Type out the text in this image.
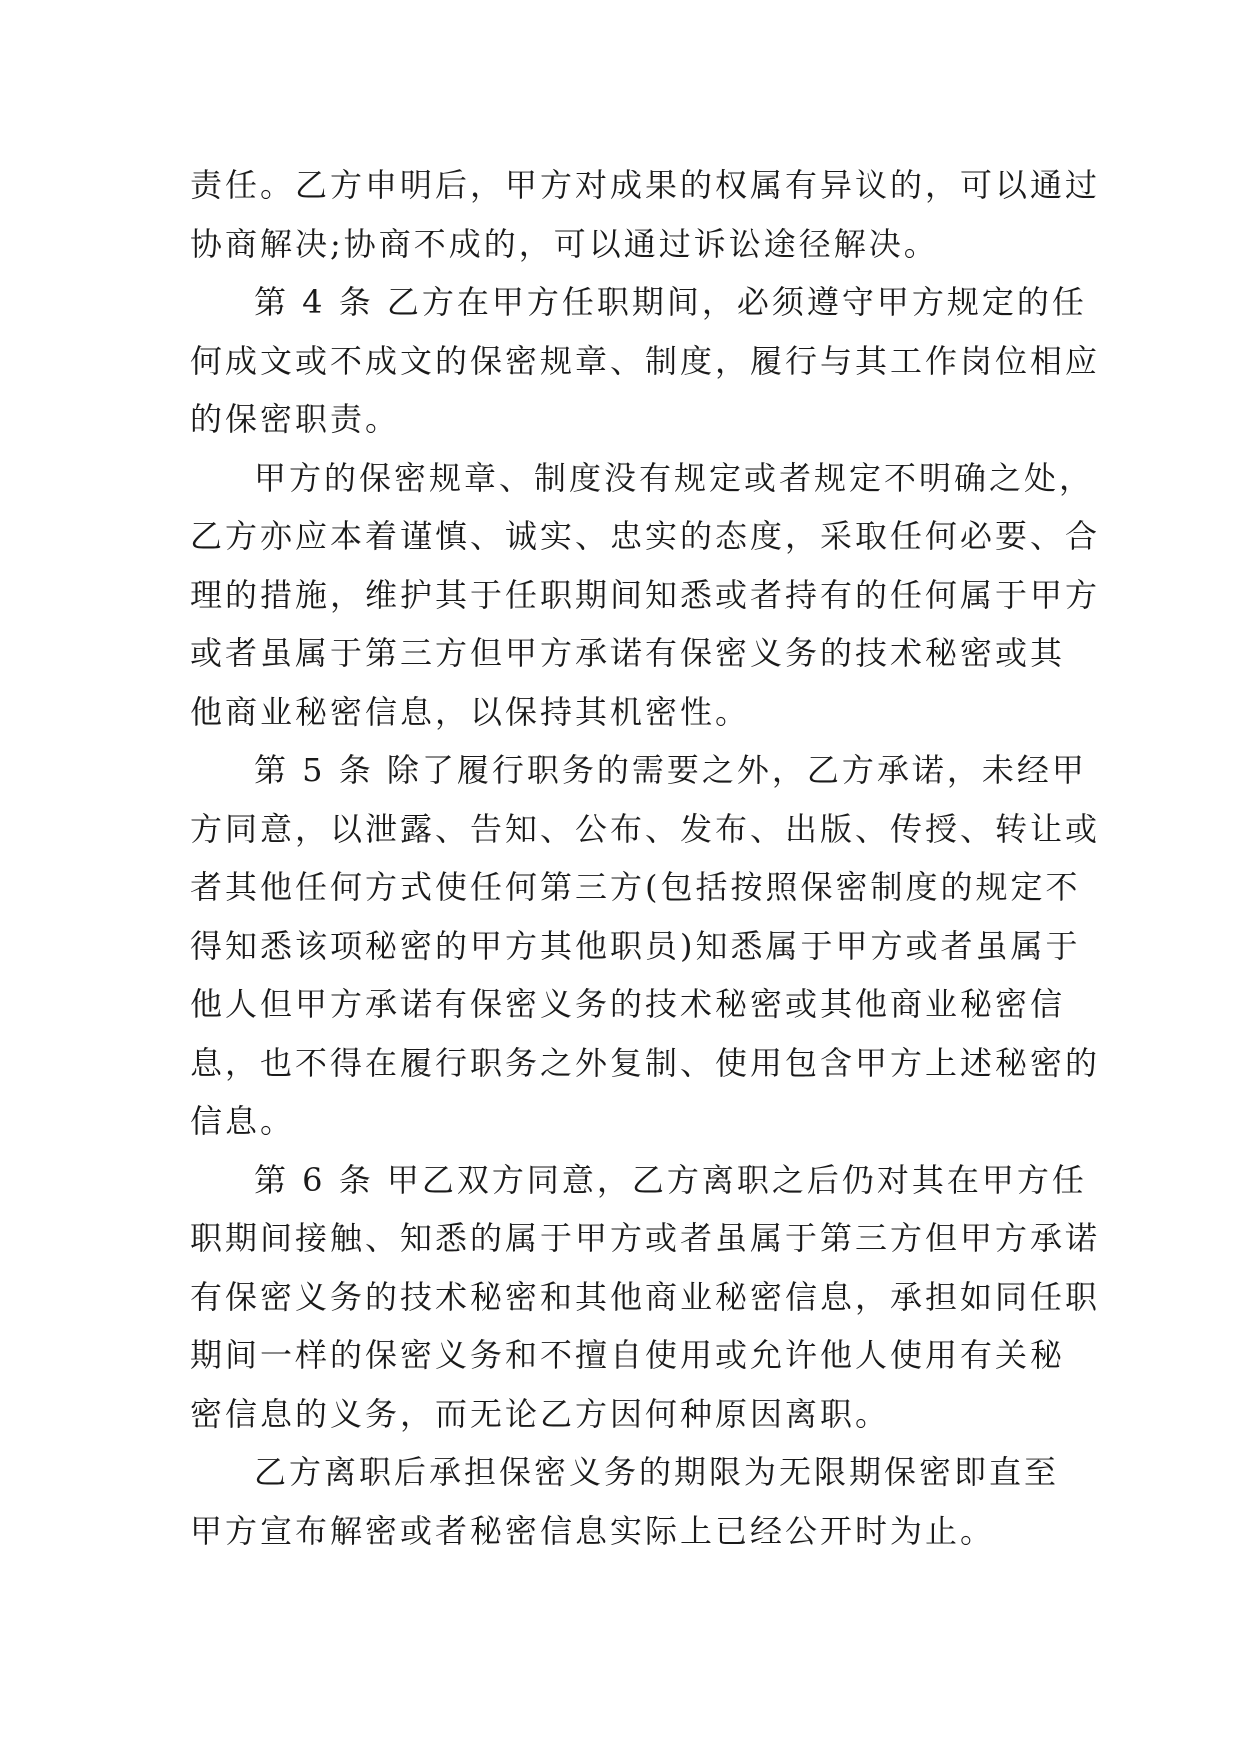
责任。乙方申明后，甲方对成果的权属有异议的，可以通过
协商解决;协商不成的，可以通过诉讼途径解决。
第 4 条 乙方在甲方任职期间，必须遵守甲方规定的任
何成文或不成文的保密规章、制度，履行与其工作岗位相应
的保密职责。
甲方的保密规章、制度没有规定或者规定不明确之处，
乙方亦应本着谨慎、诚实、忠实的态度，采取任何必要、合
理的措施，维护其于任职期间知悉或者持有的任何属于甲方
或者虽属于第三方但甲方承诺有保密义务的技术秘密或其
他商业秘密信息，以保持其机密性。
第 5 条 除了履行职务的需要之外，乙方承诺，未经甲
方同意，以泄露、告知、公布、发布、出版、传授、转让或
者其他任何方式使任何第三方(包括按照保密制度的规定不
得知悉该项秘密的甲方其他职员)知悉属于甲方或者虽属于
他人但甲方承诺有保密义务的技术秘密或其他商业秘密信
息，也不得在履行职务之外复制、使用包含甲方上述秘密的
信息。
第 6 条 甲乙双方同意，乙方离职之后仍对其在甲方任
职期间接触、知悉的属于甲方或者虽属于第三方但甲方承诺
有保密义务的技术秘密和其他商业秘密信息，承担如同任职
期间一样的保密义务和不擅自使用或允许他人使用有关秘
密信息的义务，而无论乙方因何种原因离职。
乙方离职后承担保密义务的期限为无限期保密即直至
甲方宣布解密或者秘密信息实际上已经公开时为止。
